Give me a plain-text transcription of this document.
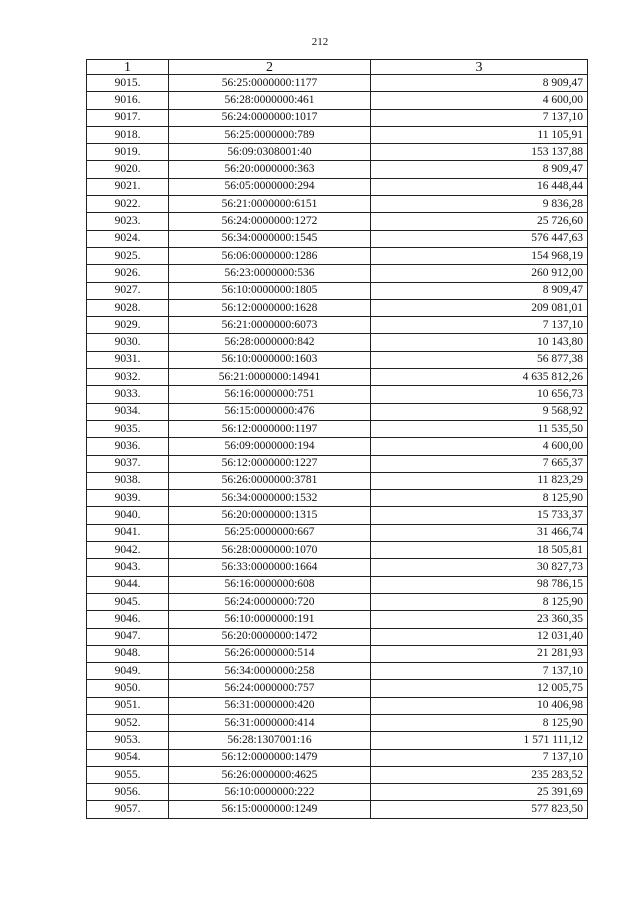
212
1	2	3
9015.	56:25:0000000:1177	8 909,47
9016.	56:28:0000000:461	4 600,00
9017.	56:24:0000000:1017	7 137,10
9018.	56:25:0000000:789	11 105,91
9019.	56:09:0308001:40	153 137,88
9020.	56:20:0000000:363	8 909,47
9021.	56:05:0000000:294	16 448,44
9022.	56:21:0000000:6151	9 836,28
9023.	56:24:0000000:1272	25 726,60
9024.	56:34:0000000:1545	576 447,63
9025.	56:06:0000000:1286	154 968,19
9026.	56:23:0000000:536	260 912,00
9027.	56:10:0000000:1805	8 909,47
9028.	56:12:0000000:1628	209 081,01
9029.	56:21:0000000:6073	7 137,10
9030.	56:28:0000000:842	10 143,80
9031.	56:10:0000000:1603	56 877,38
9032.	56:21:0000000:14941	4 635 812,26
9033.	56:16:0000000:751	10 656,73
9034.	56:15:0000000:476	9 568,92
9035.	56:12:0000000:1197	11 535,50
9036.	56:09:0000000:194	4 600,00
9037.	56:12:0000000:1227	7 665,37
9038.	56:26:0000000:3781	11 823,29
9039.	56:34:0000000:1532	8 125,90
9040.	56:20:0000000:1315	15 733,37
9041.	56:25:0000000:667	31 466,74
9042.	56:28:0000000:1070	18 505,81
9043.	56:33:0000000:1664	30 827,73
9044.	56:16:0000000:608	98 786,15
9045.	56:24:0000000:720	8 125,90
9046.	56:10:0000000:191	23 360,35
9047.	56:20:0000000:1472	12 031,40
9048.	56:26:0000000:514	21 281,93
9049.	56:34:0000000:258	7 137,10
9050.	56:24:0000000:757	12 005,75
9051.	56:31:0000000:420	10 406,98
9052.	56:31:0000000:414	8 125,90
9053.	56:28:1307001:16	1 571 111,12
9054.	56:12:0000000:1479	7 137,10
9055.	56:26:0000000:4625	235 283,52
9056.	56:10:0000000:222	25 391,69
9057.	56:15:0000000:1249	577 823,50
